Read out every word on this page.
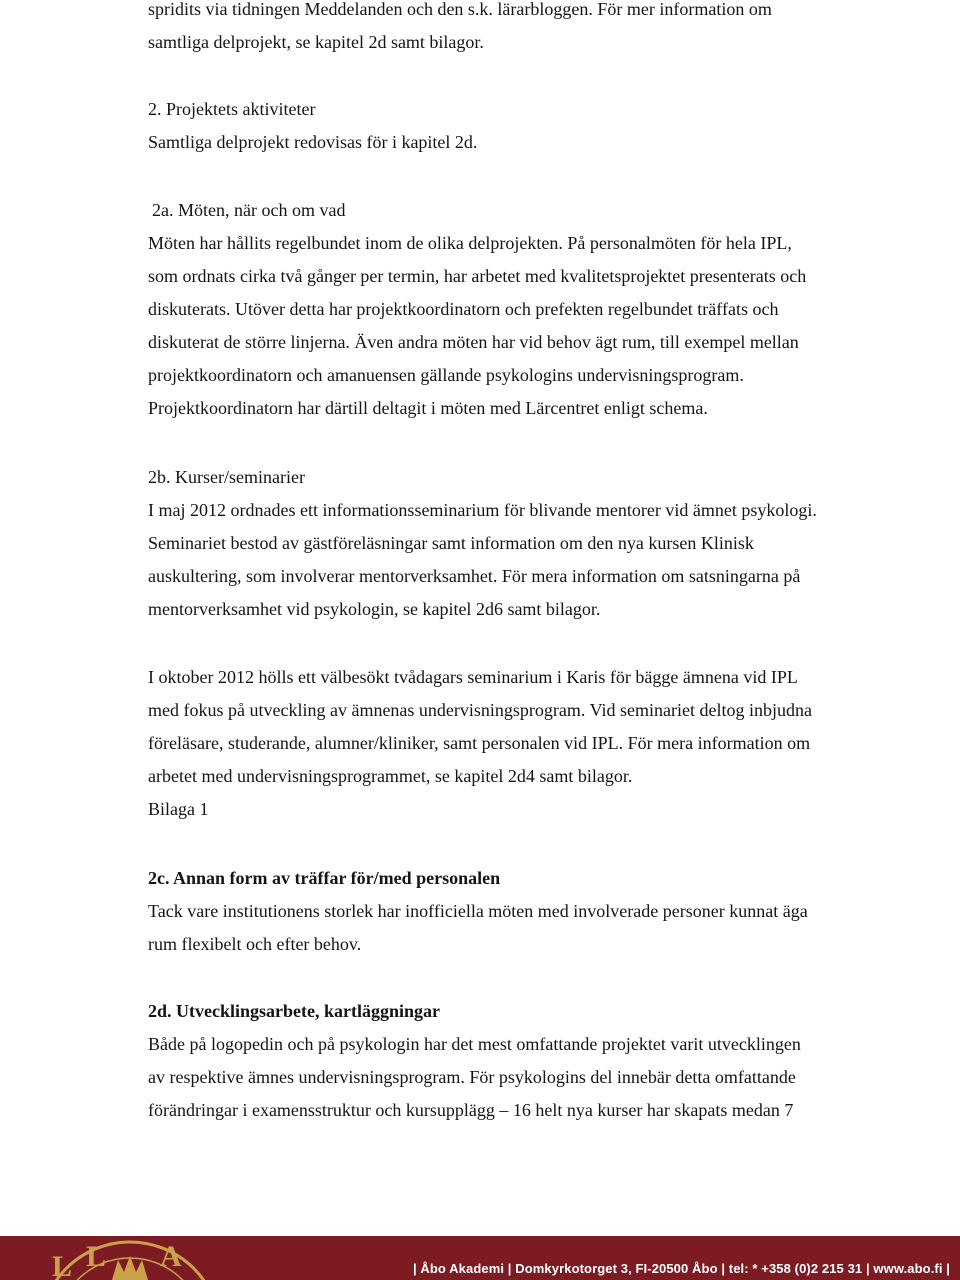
spridits via tidningen Meddelanden och den s.k. lärarbloggen. För mer information om

samtliga delprojekt, se kapitel 2d samt bilagor.

2. Projektets aktiviteter

Samtliga delprojekt redovisas för i kapitel 2d.

2a. Möten, när och om vad

Möten har hållits regelbundet inom de olika delprojekten. På personalmöten för hela IPL,

som ordnats cirka två gånger per termin, har arbetet med kvalitetsprojektet presenterats och

diskuterats. Utöver detta har projektkoordinatorn och prefekten regelbundet träffats och

diskuterat de större linjerna. Även andra möten har vid behov ägt rum, till exempel mellan

projektkoordinatorn och amanuensen gällande psykologins undervisningsprogram.

Projektkoordinatorn har därtill deltagit i möten med Lärcentret enligt schema.

2b. Kurser/seminarier

I maj 2012 ordnades ett informationsseminarium för blivande mentorer vid ämnet psykologi.

Seminariet bestod av gästföreläsningar samt information om den nya kursen Klinisk

auskultering, som involverar mentorverksamhet. För mera information om satsningarna på

mentorverksamhet vid psykologin, se kapitel 2d6 samt bilagor.

I oktober 2012 hölls ett välbesökt tvådagars seminarium i Karis för bägge ämnena vid IPL

med fokus på utveckling av ämnenas undervisningsprogram. Vid seminariet deltog inbjudna

föreläsare, studerande, alumner/kliniker, samt personalen vid IPL. För mera information om

arbetet med undervisningsprogrammet, se kapitel 2d4 samt bilagor.

Bilaga 1

2c. Annan form av träffar för/med personalen

Tack vare institutionens storlek har inofficiella möten med involverade personer kunnat äga

rum flexibelt och efter behov.

2d. Utvecklingsarbete, kartläggningar

Både på logopedin och på psykologin har det mest omfattande projektet varit utvecklingen

av respektive ämnes undervisningsprogram. För psykologins del innebär detta omfattande

förändringar i examensstruktur och kursupplägg – 16 helt nya kurser har skapats medan 7

L L A	| Åbo Akademi | Domkyrkotorget 3, FI-20500 Åbo | tel: * +358 (0)2 215 31 | www.abo.fi |
